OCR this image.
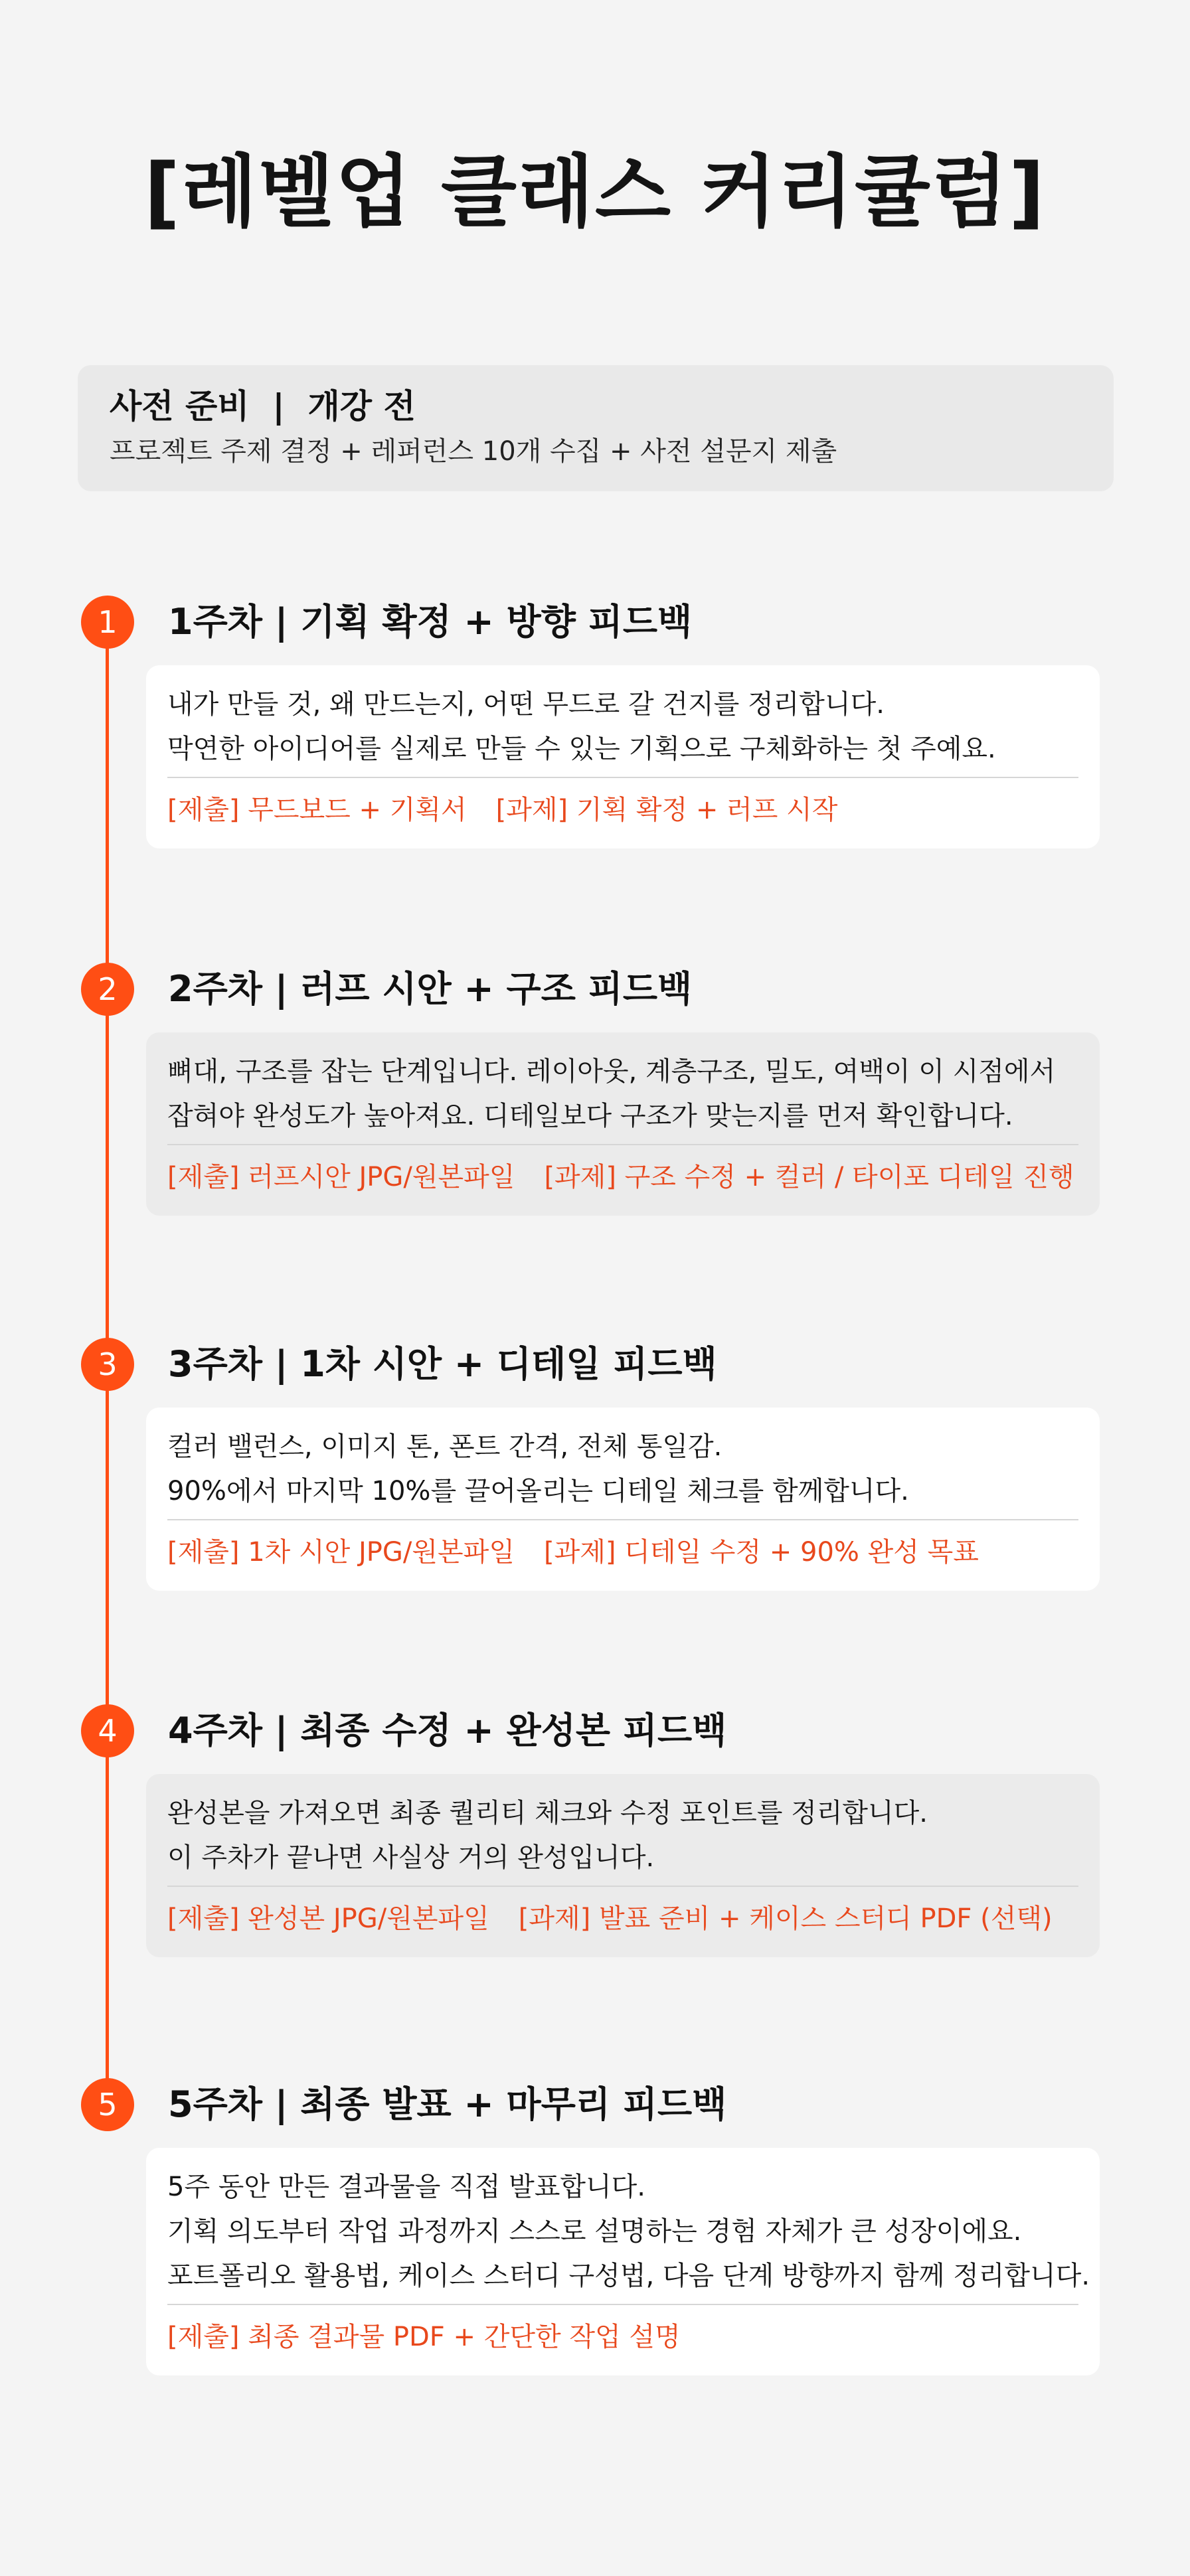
[레벨업 클래스 커리큘럼]
사전 준비  |  개강 전
프로젝트 주제 결정 + 레퍼런스 10개 수집 + 사전 설문지 제출
1	1주차 | 기획 확정 + 방향 피드백
내가 만들 것, 왜 만드는지, 어떤 무드로 갈 건지를 정리합니다.
막연한 아이디어를 실제로 만들 수 있는 기획으로 구체화하는 첫 주예요.
[제출] 무드보드 + 기획서 [과제] 기획 확정 + 러프 시작
2	2주차 | 러프 시안 + 구조 피드백
뼈대, 구조를 잡는 단계입니다. 레이아웃, 계층구조, 밀도, 여백이 이 시점에서
잡혀야 완성도가 높아져요. 디테일보다 구조가 맞는지를 먼저 확인합니다.
[제출] 러프시안 JPG/원본파일 [과제] 구조 수정 + 컬러 / 타이포 디테일 진행
3	3주차 | 1차 시안 + 디테일 피드백
컬러 밸런스, 이미지 톤, 폰트 간격, 전체 통일감.
90%에서 마지막 10%를 끌어올리는 디테일 체크를 함께합니다.
[제출] 1차 시안 JPG/원본파일 [과제] 디테일 수정 + 90% 완성 목표
4	4주차 | 최종 수정 + 완성본 피드백
완성본을 가져오면 최종 퀄리티 체크와 수정 포인트를 정리합니다.
이 주차가 끝나면 사실상 거의 완성입니다.
[제출] 완성본 JPG/원본파일 [과제] 발표 준비 + 케이스 스터디 PDF (선택)
5	5주차 | 최종 발표 + 마무리 피드백
5주 동안 만든 결과물을 직접 발표합니다.
기획 의도부터 작업 과정까지 스스로 설명하는 경험 자체가 큰 성장이에요.
포트폴리오 활용법, 케이스 스터디 구성법, 다음 단계 방향까지 함께 정리합니다.
[제출] 최종 결과물 PDF + 간단한 작업 설명
